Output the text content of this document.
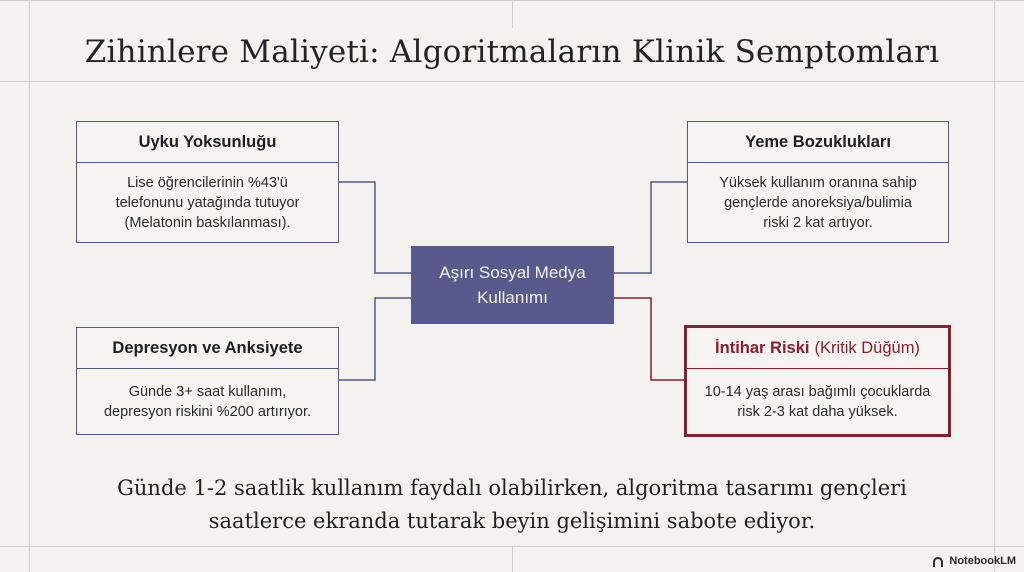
Zihinlere Maliyeti: Algoritmaların Klinik Semptomları
Uyku Yoksunluğu
Lise öğrencilerinin %43'ü
telefonunu yatağında tutuyor
(Melatonin baskılanması).
Depresyon ve Anksiyete
Günde 3+ saat kullanım,
depresyon riskini %200 artırıyor.
Yeme Bozuklukları
Yüksek kullanım oranına sahip
gençlerde anoreksiya/bulimia
riski 2 kat artıyor.
İntihar Riski (Kritik Düğüm)
10-14 yaş arası bağımlı çocuklarda
risk 2-3 kat daha yüksek.
Aşırı Sosyal Medya
Kullanımı
Günde 1-2 saatlik kullanım faydalı olabilirken, algoritma tasarımı gençleri
saatlerce ekranda tutarak beyin gelişimini sabote ediyor.
NotebookLM
